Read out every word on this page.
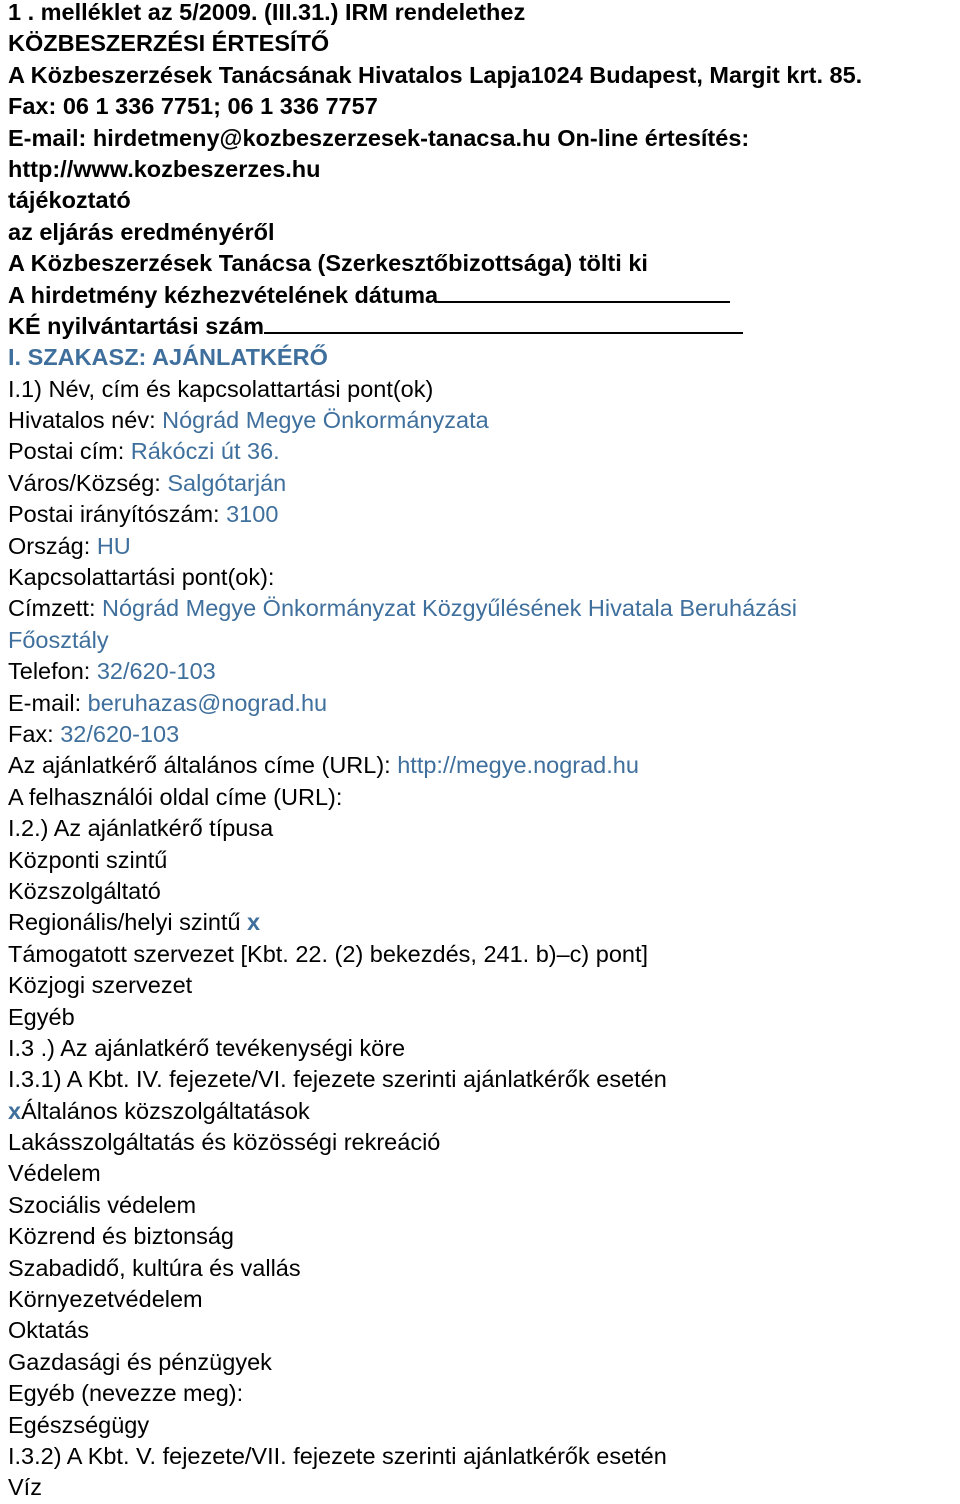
1 . melléklet az 5/2009. (III.31.) IRM rendelethez
KÖZBESZERZÉSI ÉRTESÍTŐ
A Közbeszerzések Tanácsának Hivatalos Lapja1024 Budapest, Margit krt. 85.
Fax: 06 1 336 7751; 06 1 336 7757
E-mail: hirdetmeny@kozbeszerzesek-tanacsa.hu On-line értesítés:
http://www.kozbeszerzes.hu
tájékoztató
az eljárás eredményéről
A Közbeszerzések Tanácsa (Szerkesztőbizottsága) tölti ki
A hirdetmény kézhezvételének dátuma
KÉ nyilvántartási szám
I. SZAKASZ: AJÁNLATKÉRŐ
I.1) Név, cím és kapcsolattartási pont(ok)
Hivatalos név: Nógrád Megye Önkormányzata
Postai cím: Rákóczi út 36.
Város/Község: Salgótarján
Postai irányítószám: 3100
Ország: HU
Kapcsolattartási pont(ok):
Címzett: Nógrád Megye Önkormányzat Közgyűlésének Hivatala Beruházási
Főosztály
Telefon: 32/620-103
E-mail: beruhazas@nograd.hu
Fax: 32/620-103
Az ajánlatkérő általános címe (URL): http://megye.nograd.hu
A felhasználói oldal címe (URL):
I.2.) Az ajánlatkérő típusa
Központi szintű
Közszolgáltató
Regionális/helyi szintű x
Támogatott szervezet [Kbt. 22. (2) bekezdés, 241. b)–c) pont]
Közjogi szervezet
Egyéb
I.3 .) Az ajánlatkérő tevékenységi köre
I.3.1) A Kbt. IV. fejezete/VI. fejezete szerinti ajánlatkérők esetén
xÁltalános közszolgáltatások
Lakásszolgáltatás és közösségi rekreáció
Védelem
Szociális védelem
Közrend és biztonság
Szabadidő, kultúra és vallás
Környezetvédelem
Oktatás
Gazdasági és pénzügyek
Egyéb (nevezze meg):
Egészségügy
I.3.2) A Kbt. V. fejezete/VII. fejezete szerinti ajánlatkérők esetén
Víz
